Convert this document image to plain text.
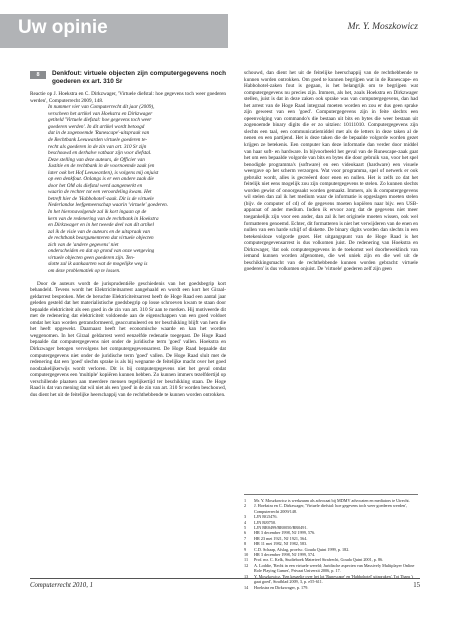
Uw opinie	Mr. Y. Moszkowicz
8	Denkfout: virtuele objecten zijn computergegevens noch goederen ex art. 310 Sr

Reactie op J. Hoekstra en C. Dirkzwager, 'Virtuele diefstal: hoe gegevens toch weer goederen werden', Computerrecht 2009, 148.

In nummer vier van Computerrecht dit jaar (2009),
verscheen het artikel van Hoekstra en Dirkzwager
getiteld 'Virtuele diefstal: hoe gegevens toch weer
goederen werden'. In dit artikel wordt betoogd
dat in de zogenoemde 'Runescape'-uitspraak van
de Rechtbank Leeuwarden virtuele goederen te-
recht als goederen in de zin van art. 310 Sr zijn
beschouwd en derhalve vatbaar zijn voor diefstal.
Deze stelling van deze auteurs, de Officier van
Justitie en de rechtbank in de voornoemde zaak (en
later ook het Hof Leeuwarden), is volgens mij onjuist
op een denkfout. Onlangs is er een andere zaak die
door het OM als diefstal werd aangemerkt en
waarin de rechter tot een veroordeling kwam. Het
betreft hier de 'Habbohotel'-zaak. Dit is de virtuele
Nederlandse leefgemeenschap waarin 'virtuele' goederen.
In het hieronavolgende zal ik kort ingaan op de
kern van de redenering van de rechtbank in Hoekstra
en Dirkzwager en in het tweede deel van dit artikel
zal ik de visie van de auteurs en de uitspraak van
de rechtbank beargumenteren dat virtuele objecten
zich van de 'andere gegevens' niet
onderscheiden en dat op grond van onze wetgeving
virtuele objecten geen goederen zijn. Ten-
slotte zal ik aankaarten wat de mogelijke weg is
om deze problematiek op te lossen.

Door de auteurs wordt de jurisprudentiële geschiedenis van het goedsbegrip kort behandeld. Tevens wordt het Elektriciteitsarrest aangehaald en wordt een kort het Giraal-geldarrest besproken. Met de beruchte Elektriciteitsarrest heeft de Hoge Raad een aantal jaar geleden gesteld dat het materialistische goedsbegrip op losse schroeven kwam te staan door bepaalde elektriciteit als een goed in de zin van art. 310 Sr aan te merken. Hij motiveerde dit met de redenering dat elektriciteit voldoende aan de eigenschappen van een goed voldoet omdat het kan worden getransformeerd, geaccumuleerd en ter beschikking blijft van hem die het heeft opgewekt. Daarnaast heeft het economische waarde en kan het worden weggenomen. In het Giraal geldarrest werd eenzelfde redenatie toegepast. De Hoge Raad bepaalde dat computergegevens niet onder de juridische term 'goed' vallen. Hoekstra en Dirkzwager betogen vervolgens het computergegevensarrest. De Hoge Raad bepaalde dat computergegevens niet onder de juridische term 'goed' vallen. De Hoge Raad sluit met de redenering dat een 'goed' slechts sprake is als bij wegname de feitelijke macht over het goed noodzakelijkerwijs wordt verloren. Dit is bij computergegevens niet het geval omdat computergegevens een 'multiple' kopiëren kunnen hebben. Zo kunnen immers tezelfdertijd op verschillende plaatsen aan meerdere mensen tegelijkertijd ter beschikking staan. De Hoge Raad is dat van mening dat wil niet als een 'goed' in de zin van art. 310 Sr worden beschouwd, dus dient het uit de feitelijke heerschappij van de rechthebbende te kunnen worden ontrokken.

schouwd, dan dient het uit de feitelijke heerschappij van de rechthebbende te kunnen worden ontrokken. Om goed te kunnen begrijpen wat in de Runescape- en Habbohotel-zaken fout is gegaan, is het belangrijk om te begrijpen wat computergegevens nu precies zijn. Immers, als het, zoals Hoekstra en Dirkzwager stellen, juist is dat in deze zaken ook sprake was van computergegevens, dan had het arrest van de Hoge Raad integraal moeten worden en zou er dus geen sprake zijn geweest van een 'goed'. Computergegevens zijn in feite slechts een opeenvolging van commando's die bestaan uit bits en bytes die weer bestaan uit zogenoemde binary digits die er zo uitzien: 10111010. Computergegevens zijn slechts een taal, een communicatiemiddel met als de letters in deze taken al de nenen en een partijend. Het is deze taken die de bepaalde volgorde worden gezet krijgen ze betekenis. Een computer kan deze informatie dan verder door middel van haar soft- en hardware. In bijvoorbeeld het geval van de Runescape-zaak gaat het om een bepaalde volgorde van bits en bytes die door gebruik van, voor het spel benodigde programma's (software) en een videokaart (hardware) een visuele weergave op het scherm verzorgen. Wat voor programma, spel of netwerk er ook gebruikt wordt, alles is gecreëerd door enen en nullen. Het is zelfs zo dat het feitelijk niet eens mogelijk zou zijn computergegevens te stelen. Zo kunnen slechts worden gewist of onoorgeaakt worden gemaakt. Immers, als ik computergegevens wil stelen dan zal ik het medium waar de informatie is opgeslagen moeten stelen (bijv. de computer of cd) of de gegevens moeten kopiëren naar bijv. een USB-apparaat of ander medium. Indien ik ervoor zorg dat de gegevens niet meer toegankelijk zijn voor een ander, dan zal ik het originele moeten wissen, ook wel formatteren genoemd. Echter, dit formatteren is niet het verwijderen van de enen en nullen van een harde schijf of diskette. De binary digits worden dan slechts in een betekenisloze volgorde gezet. Het uitgangspunt van de Hoge Raad is het computergegevensarrest is dus volkomen juist. De redenering van Hoekstra en Dirkzwager, 'dat ook computergegevens in de toekomst wel doorbeweklinck van iemand kunnen worden afgenomen, die wel uniek zijn en die wel uit de beschikkingsmacht van de rechthebbende kunnen worden gebracht: virtuele goederen' is dus volkomen onjuist. De 'virtuele' goederen zelf zijn geen

1	Mr. Y. Moszkowicz is werkzaam als advocaat bij MDMV advocaten en mediators te Utrecht.
2	J. Hoekstra en C. Dirkzwager, 'Virtuele diefstal: hoe gegevens toch weer goederen werden', Computerrecht 2009/148.
3	LJN BG5476.
4	LJN BJ0750.
5	LJN BR0499/BR0050/BR0491.
6	HR 3 december 1998, NJ 1999, 576.
7	HR 23 mei 1921, NJ 1921, 564.
8	HR 11 mei 1982, NJ 1982, 583.
9	C.D. Schaap, Afslag, proefsc. Gouda Quint 1999, p. 182.
10	HR 3 december 1998, NJ 1999, 574.
11	Prof. mr. C. Kelk, Studieboek Materieel Strafrecht, Gouda Quint 2001, p. 86.
12	A. Loddie, 'Recht in een virtuele wereld; Juridische aspecten van Massively Multiplayer Online Role Playing Games', Privaat Universit 2006, p. 17.
13	Y. Moszkowicz, 'Een keuzelie over het lot 'Runescape' en 'Habbohotel' uitspraken', Tot Thans 't gaat goed', Strafblad 2009, 3, p. e55-611.
14	Hoekstra en Dirkzwager, p. 179.
Computerrecht 2010, 1	15
